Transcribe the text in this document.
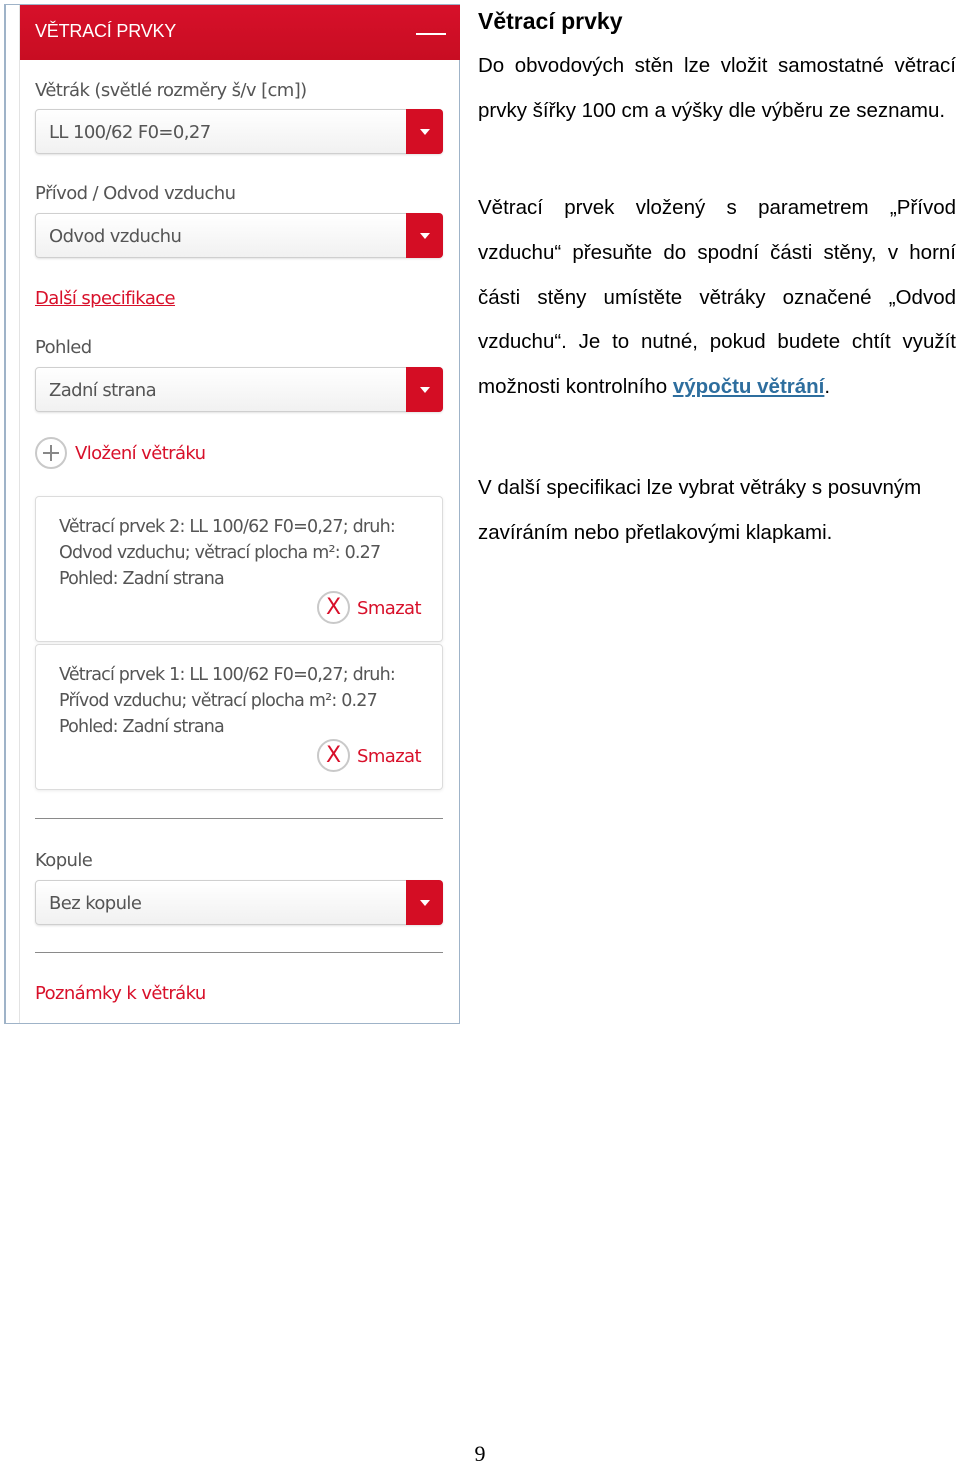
VĚTRACÍ PRVKY
Větrák (světlé rozměry š/v [cm])
LL 100/62 F0=0,27
Přívod / Odvod vzduchu
Odvod vzduchu
Další specifikace
Pohled
Zadní strana
Vložení větráku
Větrací prvek 2: LL 100/62 F0=0,27; druh:
Odvod vzduchu; větrací plocha m²: 0.27
Pohled: Zadní strana
X Smazat
Větrací prvek 1: LL 100/62 F0=0,27; druh:
Přívod vzduchu; větrací plocha m²: 0.27
Pohled: Zadní strana
X Smazat
Kopule
Bez kopule
Poznámky k větráku
Větrací prvky

Do obvodových stěn lze vložit samostatné větrací prvky šířky 100 cm a výšky dle výběru ze seznamu.

Větrací prvek vložený s parametrem „Přívod vzduchu“ přesuňte do spodní části stěny, v horní části stěny umístěte větráky označené „Odvod vzduchu“. Je to nutné, pokud budete chtít využít možnosti kontrolního výpočtu větrání.

V další specifikaci lze vybrat větráky s posuvným zavíráním nebo přetlakovými klapkami.

9
